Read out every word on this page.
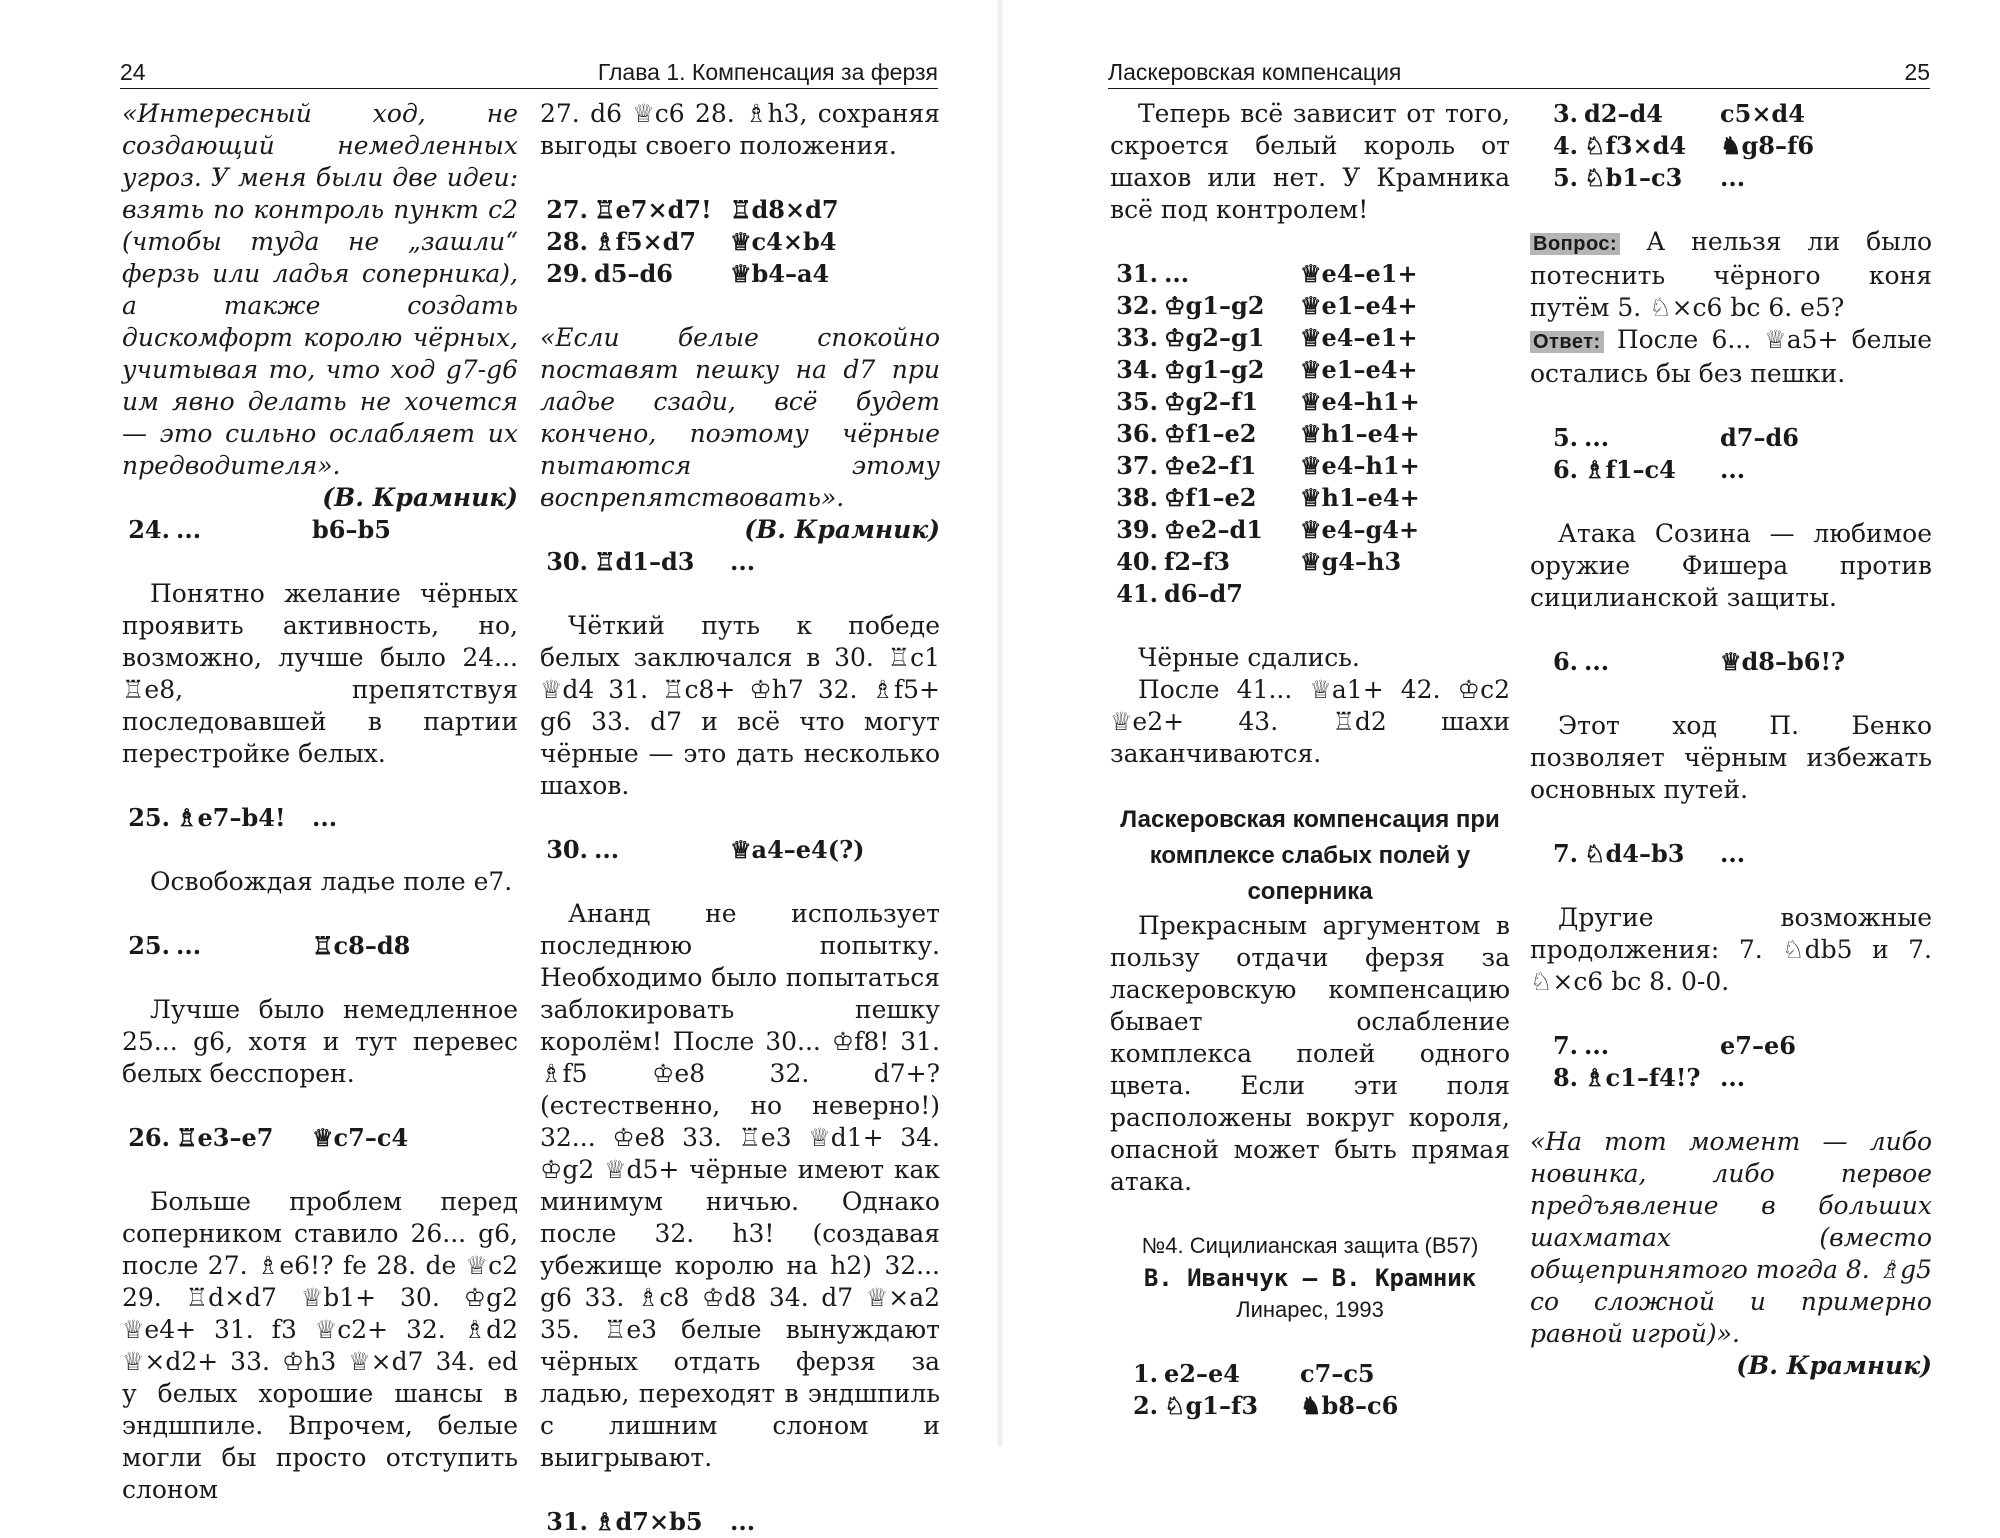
24	Глава 1. Компенсация за ферзя
«Интересный ход, не создающий немедленных угроз. У меня были две идеи: взять по контроль пункт с2 (чтобы туда не „зашли“ ферзь или ладья соперника), а также создать дискомфорт королю чёрных, учитывая то, что ход g7-g6 им явно делать не хочется — это сильно ослабляет их предводителя».
(В. Крамник)
24. ...	b6–b5

Понятно желание чёрных проявить активность, но, возможно, лучше было 24... ♖e8, препятствуя последовавшей в партии перестройке белых.

25. ♗e7–b4!	...

Освобождая ладье поле e7.

25. ...	♖c8–d8

Лучше было немедленное 25... g6, хотя и тут перевес белых бесспорен.

26. ♖e3–e7	♕c7–c4

Больше проблем перед соперником ставило 26... g6, после 27. ♗e6!? fe 28. de ♕c2 29. ♖d×d7 ♕b1+ 30. ♔g2 ♕e4+ 31. f3 ♕c2+ 32. ♗d2 ♕×d2+ 33. ♔h3 ♕×d7 34. ed у белых хорошие шансы в эндшпиле. Впрочем, белые могли бы просто отступить слоном

27. d6 ♕c6 28. ♗h3, сохраняя выгоды своего положения.

27. ♖e7×d7! ♖d8×d7
28. ♗f5×d7	♕c4×b4
29. d5–d6	♕b4–a4
«Если белые спокойно поставят пешку на d7 при ладье сзади, всё будет кончено, поэтому чёрные пытаются этому воспрепятствовать».
(В. Крамник)
30. ♖d1–d3	...

Чёткий путь к победе белых заключался в 30. ♖c1 ♕d4 31. ♖c8+ ♔h7 32. ♗f5+ g6 33. d7 и всё что могут чёрные — это дать несколько шахов.

30. ...	♕a4–e4(?)

Ананд не использует последнюю попытку. Необходимо было попытаться заблокировать пешку королём! После 30... ♔f8! 31. ♗f5 ♔e8 32. d7+? (естественно, но неверно!) 32... ♔e8 33. ♖e3 ♕d1+ 34. ♔g2 ♕d5+ чёрные имеют как минимум ничью. Однако после 32. h3! (создавая убежище королю на h2) 32... g6 33. ♗c8 ♔d8 34. d7 ♕×a2 35. ♖e3 белые вынуждают чёрных отдать ферзя за ладью, переходят в эндшпиль с лишним слоном и выигрывают.

31. ♗d7×b5	...
Ласкеровская компенсация	25

Теперь всё зависит от того, скроется белый король от шахов или нет. У Крамника всё под контролем!

31. ...	♕e4–e1+
32. ♔g1–g2	♕e1–e4+
33. ♔g2–g1	♕e4–e1+
34. ♔g1–g2	♕e1–e4+
35. ♔g2–f1	♕e4–h1+
36. ♔f1–e2	♕h1–e4+
37. ♔e2–f1	♕e4–h1+
38. ♔f1–e2	♕h1–e4+
39. ♔e2–d1	♕e4–g4+
40. f2–f3	♕g4–h3
41. d6–d7

Чёрные сдались.

После 41... ♕a1+ 42. ♔c2 ♕e2+ 43. ♖d2 шахи заканчиваются.

Ласкеровская компенсация при комплексе слабых полей у соперника

Прекрасным аргументом в пользу отдачи ферзя за ласкеровскую компенсацию бывает ослабление комплекса полей одного цвета. Если эти поля расположены вокруг короля, опасной может быть прямая атака.

№4. Сицилианская защита (B57)
В. Иванчук – В. Крамник
Линарес, 1993
1. e2–e4	c7–c5
2. ♘g1–f3	♞b8–c6
3. d2–d4	c5×d4
4. ♘f3×d4	♞g8–f6
5. ♘b1–c3	...

Вопрос: А нельзя ли было потеснить чёрного коня путём 5. ♘×c6 bc 6. e5?

Ответ: После 6... ♕a5+ белые остались бы без пешки.

5. ...	d7–d6
6. ♗f1–c4	...

Атака Созина — любимое оружие Фишера против сицилианской защиты.

6. ...	♕d8–b6!?

Этот ход П. Бенко позволяет чёрным избежать основных путей.

7. ♘d4–b3	...

Другие возможные продолжения: 7. ♘db5 и 7. ♘×c6 bc 8. 0-0.

7. ...	e7–e6
8. ♗c1–f4!? ...
«На тот момент — либо новинка, либо первое предъявление в больших шахматах (вместо общепринятого тогда 8. ♗g5 со сложной и примерно равной игрой)».
(В. Крамник)
